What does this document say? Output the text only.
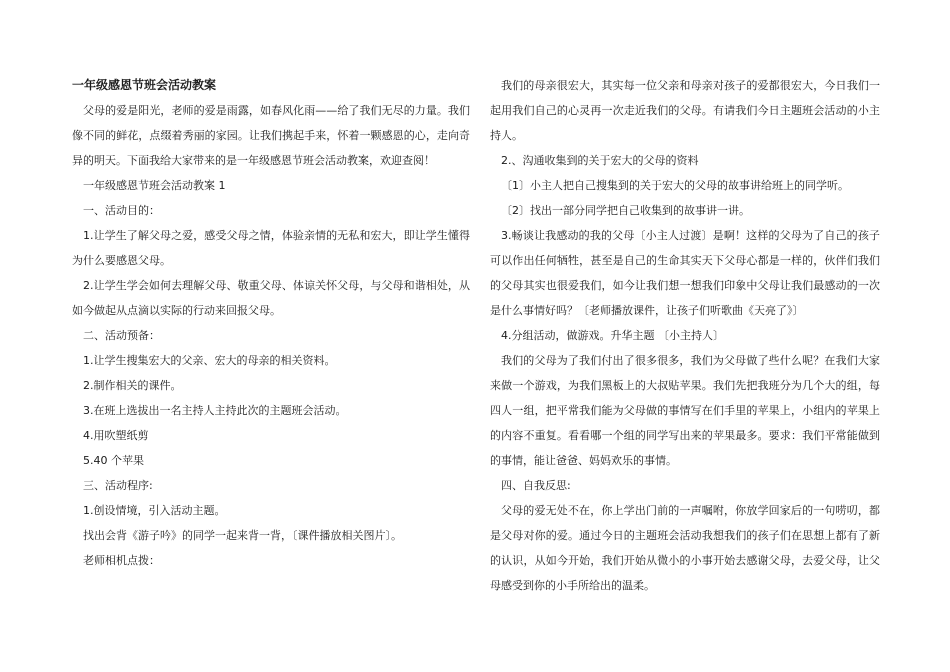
一年级感恩节班会活动教案

父母的爱是阳光，老师的爱是雨露，如春风化雨——给了我们无尽的力量。我们像不同的鲜花，点缀着秀丽的家园。让我们携起手来，怀着一颗感恩的心，走向奇异的明天。下面我给大家带来的是一年级感恩节班会活动教案，欢迎查阅！

一年级感恩节班会活动教案 1

一、活动目的：

1.让学生了解父母之爱，感受父母之情，体验亲情的无私和宏大，即让学生懂得为什么要感恩父母。

2.让学生学会如何去理解父母、敬重父母、体谅关怀父母，与父母和谐相处，从如今做起从点滴以实际的行动来回报父母。

二、活动预备：

1.让学生搜集宏大的父亲、宏大的母亲的相关资料。

2.制作相关的课件。

3.在班上选拔出一名主持人主持此次的主题班会活动。

4.用吹塑纸剪

5.40 个苹果

三、活动程序:

1.创设情境，引入活动主题。

找出会背《游子吟》的同学一起来背一背，〔课件播放相关图片〕。

老师相机点拨：

我们的母亲很宏大，其实每一位父亲和母亲对孩子的爱都很宏大，今日我们一起用我们自己的心灵再一次走近我们的父母。有请我们今日主题班会活动的小主持人。

2.、沟通收集到的关于宏大的父母的资料

〔1〕小主人把自己搜集到的关于宏大的父母的故事讲给班上的同学听。

〔2〕找出一部分同学把自己收集到的故事讲一讲。

3.畅谈让我感动的我的父母〔小主人过渡〕是啊！这样的父母为了自己的孩子可以作出任何牺牲，甚至是自己的生命其实天下父母心都是一样的，伙伴们我们的父母其实也很爱我们，如今让我们想一想我们印象中父母让我们最感动的一次是什么事情好吗？〔老师播放课件，让孩子们听歌曲《天亮了》〕

4.分组活动，做游戏。升华主题 〔小主持人〕

我们的父母为了我们付出了很多很多，我们为父母做了些什么呢？在我们大家来做一个游戏，为我们黑板上的大叔贴苹果。我们先把我班分为几个大的组，每四人一组，把平常我们能为父母做的事情写在们手里的苹果上，小组内的苹果上的内容不重复。看看哪一个组的同学写出来的苹果最多。要求：我们平常能做到的事情，能让爸爸、妈妈欢乐的事情。

四、自我反思:

父母的爱无处不在，你上学出门前的一声嘱咐，你放学回家后的一句唠叨，都是父母对你的爱。通过今日的主题班会活动我想我们的孩子们在思想上都有了新的认识，从如今开始，我们开始从微小的小事开始去感谢父母，去爱父母，让父母感受到你的小手所给出的温柔。
